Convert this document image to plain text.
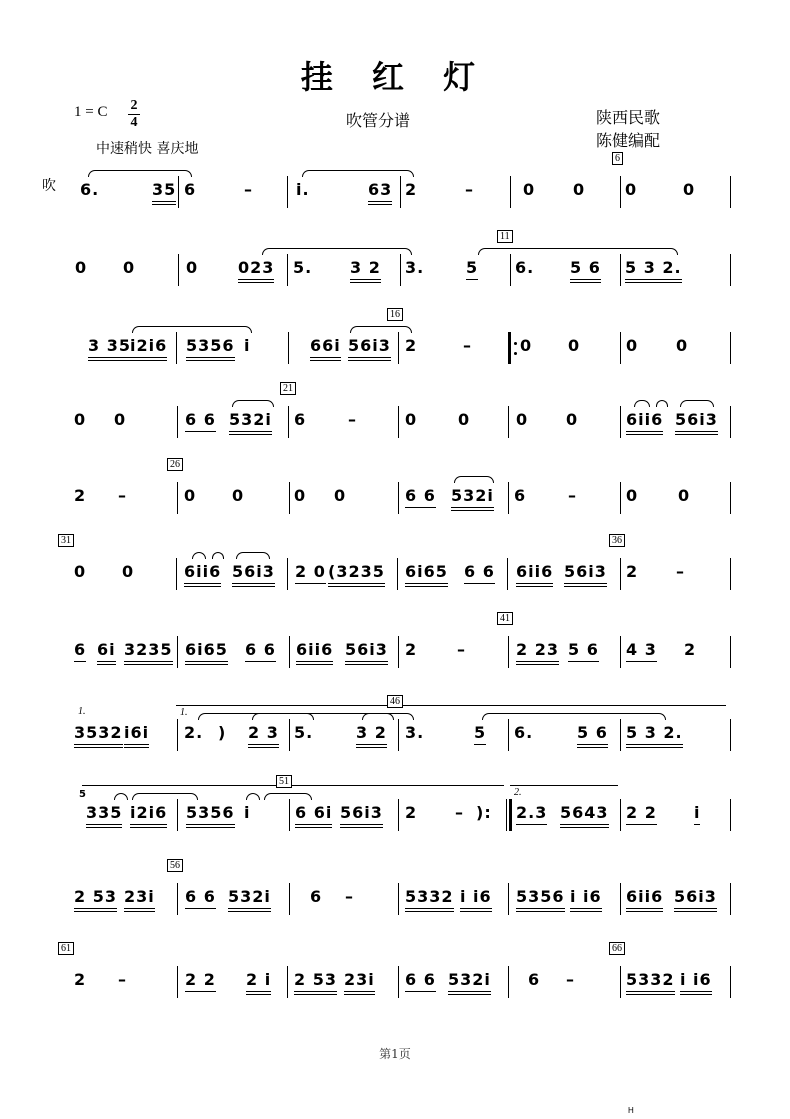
挂 红 灯
1 = C 2
4	吹管分谱	陕西民歌
陈健编配
中速稍快 喜庆地
吹 6.	35 6	–	i.	63 2	–	0 0 0	0
6
0 0	0 023 5. 3 2 3.	5 6. 5 6 5 3 2.
11
3 35 i2i6 5356 i	66i 56i3 2	–	0 0	0 0
16
0 0	6 6 532i 6	–	0	0	0 0	6ii6 56i3
21
2 –	0 0	0 0	6 6 532i 6	–	0 0
26
0 0	6ii6 56i3 2 0 (3235 6i65 6 6 6ii6 56i3 2 –
31	36
6 6i 3235 6i65 6 6 6ii6 56i3 2 –	2 23 5 6 4 3 2
41
3532 i6i 2. ) 2 3 5.	3 2 3.	5 6.	5 6 5 3 2.
1.
1.
46
335 i2i6 5356 i	6 6i 56i3 2 – ): 2.3 5643 2 2 i
2.
5
51
2 53 23i 6 6 532i 6 –	5332 i i6 5356 i i6 6ii6 56i3
56
2 –	2 2 2 i 2 53 23i 6 6 532i 6 –	5332 i i6
61	66
第1页
H
